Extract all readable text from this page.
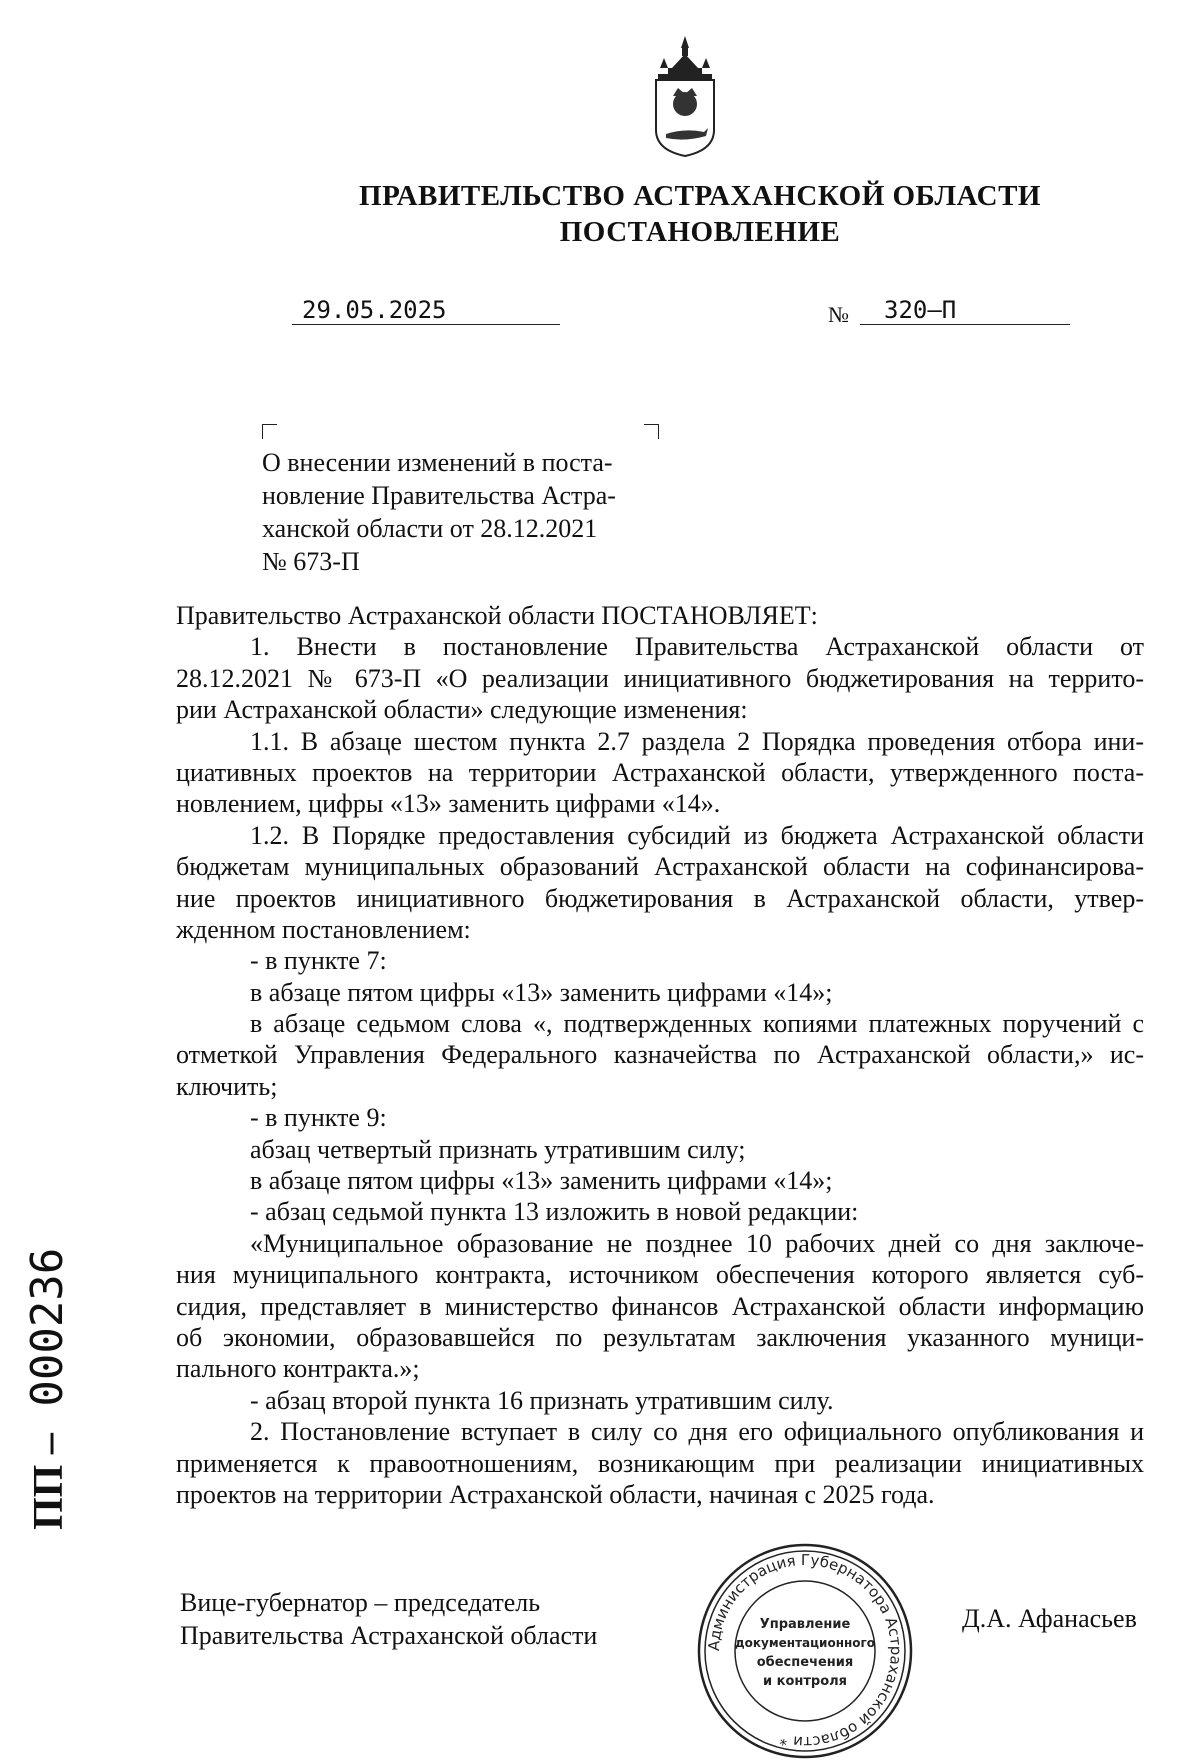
ПРАВИТЕЛЬСТВО АСТРАХАНСКОЙ ОБЛАСТИ
ПОСТАНОВЛЕНИЕ
29.05.2025	№	320–П
О внесении изменений в поста-
новление Правительства Астра-
ханской области от 28.12.2021
№ 673-П
Правительство Астраханской области ПОСТАНОВЛЯЕТ:
1. Внести в постановление Правительства Астраханской области от
28.12.2021 № 673-П «О реализации инициативного бюджетирования на террито-
рии Астраханской области» следующие изменения:
1.1. В абзаце шестом пункта 2.7 раздела 2 Порядка проведения отбора ини-
циативных проектов на территории Астраханской области, утвержденного поста-
новлением, цифры «13» заменить цифрами «14».
1.2. В Порядке предоставления субсидий из бюджета Астраханской области
бюджетам муниципальных образований Астраханской области на софинансирова-
ние проектов инициативного бюджетирования в Астраханской области, утвер-
жденном постановлением:
- в пункте 7:
в абзаце пятом цифры «13» заменить цифрами «14»;
в абзаце седьмом слова «, подтвержденных копиями платежных поручений с
отметкой Управления Федерального казначейства по Астраханской области,» ис-
ключить;
- в пункте 9:
абзац четвертый признать утратившим силу;
в абзаце пятом цифры «13» заменить цифрами «14»;
- абзац седьмой пункта 13 изложить в новой редакции:
«Муниципальное образование не позднее 10 рабочих дней со дня заключе-
ния муниципального контракта, источником обеспечения которого является суб-
сидия, представляет в министерство финансов Астраханской области информацию
об экономии, образовавшейся по результатам заключения указанного муници-
пального контракта.»;
- абзац второй пункта 16 признать утратившим силу.
2. Постановление вступает в силу со дня его официального опубликования и
применяется к правоотношениям, возникающим при реализации инициативных
проектов на территории Астраханской области, начиная с 2025 года.
Вице-губернатор – председатель
Правительства Астраханской области
Д.А. Афанасьев
ПП – 000236
Администрация Губернатора Астраханской области *
Управление
документационного
обеспечения
и контроля
